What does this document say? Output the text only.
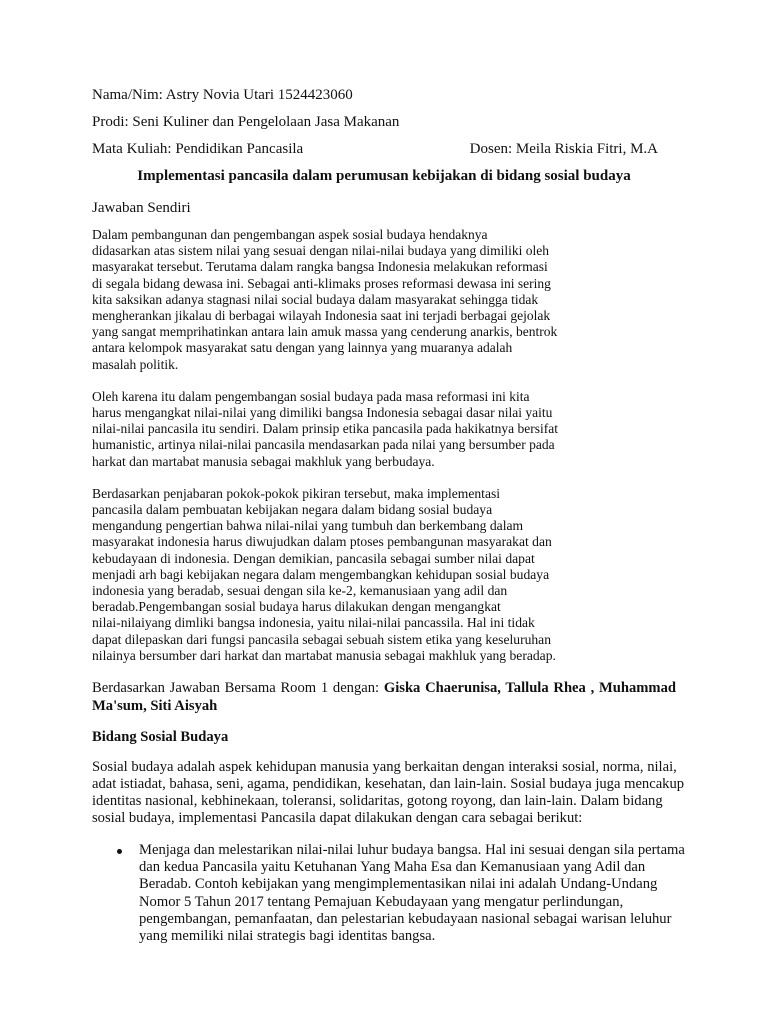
Nama/Nim: Astry Novia Utari 1524423060
Prodi: Seni Kuliner dan Pengelolaan Jasa Makanan
Mata Kuliah: Pendidikan Pancasila	Dosen: Meila Riskia Fitri, M.A
Implementasi pancasila dalam perumusan kebijakan di bidang sosial budaya
Jawaban Sendiri
Dalam pembangunan dan pengembangan aspek sosial budaya hendaknya
didasarkan atas sistem nilai yang sesuai dengan nilai-nilai budaya yang dimiliki oleh
masyarakat tersebut. Terutama dalam rangka bangsa Indonesia melakukan reformasi
di segala bidang dewasa ini. Sebagai anti-klimaks proses reformasi dewasa ini sering
kita saksikan adanya stagnasi nilai social budaya dalam masyarakat sehingga tidak
mengherankan jikalau di berbagai wilayah Indonesia saat ini terjadi berbagai gejolak
yang sangat memprihatinkan antara lain amuk massa yang cenderung anarkis, bentrok
antara kelompok masyarakat satu dengan yang lainnya yang muaranya adalah
masalah politik.
Oleh karena itu dalam pengembangan sosial budaya pada masa reformasi ini kita
harus mengangkat nilai-nilai yang dimiliki bangsa Indonesia sebagai dasar nilai yaitu
nilai-nilai pancasila itu sendiri. Dalam prinsip etika pancasila pada hakikatnya bersifat
humanistic, artinya nilai-nilai pancasila mendasarkan pada nilai yang bersumber pada
harkat dan martabat manusia sebagai makhluk yang berbudaya.
Berdasarkan penjabaran pokok-pokok pikiran tersebut, maka implementasi
pancasila dalam pembuatan kebijakan negara dalam bidang sosial budaya
mengandung pengertian bahwa nilai-nilai yang tumbuh dan berkembang dalam
masyarakat indonesia harus diwujudkan dalam ptoses pembangunan masyarakat dan
kebudayaan di indonesia. Dengan demikian, pancasila sebagai sumber nilai dapat
menjadi arh bagi kebijakan negara dalam mengembangkan kehidupan sosial budaya
indonesia yang beradab, sesuai dengan sila ke-2, kemanusiaan yang adil dan
beradab.Pengembangan sosial budaya harus dilakukan dengan mengangkat
nilai-nilaiyang dimliki bangsa indonesia, yaitu nilai-nilai pancassila. Hal ini tidak
dapat dilepaskan dari fungsi pancasila sebagai sebuah sistem etika yang keseluruhan
nilainya bersumber dari harkat dan martabat manusia sebagai makhluk yang beradap.
Berdasarkan Jawaban Bersama Room 1 dengan: Giska Chaerunisa, Tallula Rhea , Muhammad
Ma'sum, Siti Aisyah
Bidang Sosial Budaya
Sosial budaya adalah aspek kehidupan manusia yang berkaitan dengan interaksi sosial, norma, nilai,
adat istiadat, bahasa, seni, agama, pendidikan, kesehatan, dan lain-lain. Sosial budaya juga mencakup
identitas nasional, kebhinekaan, toleransi, solidaritas, gotong royong, dan lain-lain. Dalam bidang
sosial budaya, implementasi Pancasila dapat dilakukan dengan cara sebagai berikut:
Menjaga dan melestarikan nilai-nilai luhur budaya bangsa. Hal ini sesuai dengan sila pertama
dan kedua Pancasila yaitu Ketuhanan Yang Maha Esa dan Kemanusiaan yang Adil dan
Beradab. Contoh kebijakan yang mengimplementasikan nilai ini adalah Undang-Undang
Nomor 5 Tahun 2017 tentang Pemajuan Kebudayaan yang mengatur perlindungan,
pengembangan, pemanfaatan, dan pelestarian kebudayaan nasional sebagai warisan leluhur
yang memiliki nilai strategis bagi identitas bangsa.
